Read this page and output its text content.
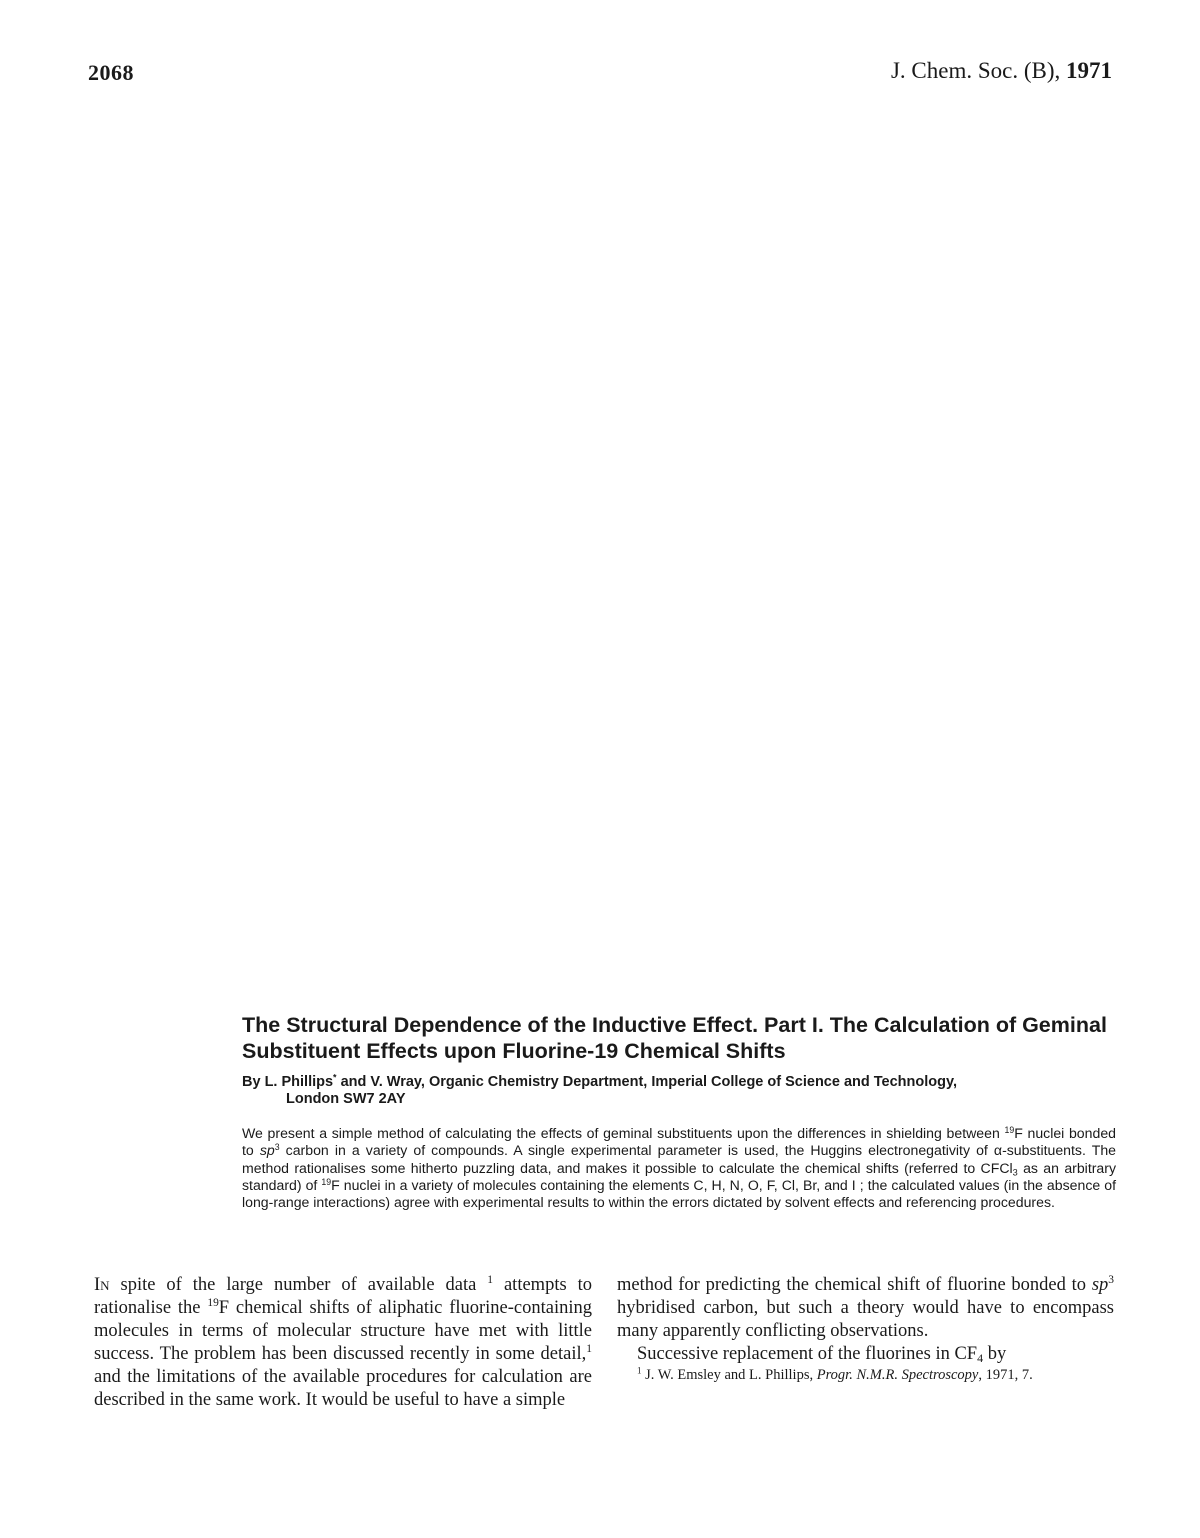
2068	J. Chem. Soc. (B), 1971
The Structural Dependence of the Inductive Effect. Part I. The Calculation of Geminal Substituent Effects upon Fluorine-19 Chemical Shifts
By L. Phillips* and V. Wray, Organic Chemistry Department, Imperial College of Science and Technology,
London SW7 2AY

We present a simple method of calculating the effects of geminal substituents upon the differences in shielding between $^{19}$F nuclei bonded to $sp^3$ carbon in a variety of compounds. A single experimental parameter is used, the Huggins electronegativity of α-substituents. The method rationalises some hitherto puzzling data, and makes it possible to calculate the chemical shifts (referred to CFCl$_3$ as an arbitrary standard) of $^{19}$F nuclei in a variety of molecules containing the elements C, H, N, O, F, Cl, Br, and I ; the calculated values (in the absence of long-range interactions) agree with experimental results to within the errors dictated by solvent effects and referencing procedures.

In spite of the large number of available data $^1$ attempts to rationalise the $^{19}$F chemical shifts of aliphatic fluorine-containing molecules in terms of molecular structure have met with little success. The problem has been discussed recently in some detail,$^1$ and the limitations of the available procedures for calculation are described in the same work. It would be useful to have a simple

method for predicting the chemical shift of fluorine bonded to $sp^3$ hybridised carbon, but such a theory would have to encompass many apparently conflicting observations.

Successive replacement of the fluorines in $CF_4$ by

$^1$ J. W. Emsley and L. Phillips, Progr. N.M.R. Spectroscopy, 1971, 7.
